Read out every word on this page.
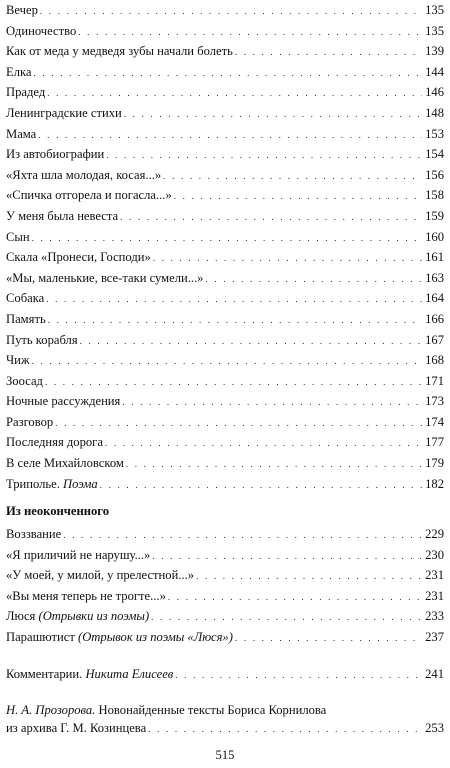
Вечер . . .	135
Одиночество . . .	135
Как от меда у медведя зубы начали болеть . . .	139
Елка . . .	144
Прадед . . .	146
Ленинградские стихи . . .	148
Мама . . .	153
Из автобиографии . . .	154
«Яхта шла молодая, косая...» . . .	156
«Спичка отгорела и погасла...» . . .	158
У меня была невеста . . .	159
Сын . . .	160
Скала «Пронеси, Господи» . . .	161
«Мы, маленькие, все-таки сумели...» . . .	163
Собака . . .	164
Память . . .	166
Путь корабля . . .	167
Чиж . . .	168
Зоосад . . .	171
Ночные рассуждения . . .	173
Разговор . . .	174
Последняя дорога . . .	177
В селе Михайловском . . .	179
Триполье. Поэма . . .	182
Из неоконченного
Воззвание . . .	229
«Я приличий не нарушу...» . . .	230
«У моей, у милой, у прелестной...» . . .	231
«Вы меня теперь не трогте...» . . .	231
Люся (Отрывки из поэмы) . . .	233
Парашютист (Отрывок из поэмы «Люся») . . .	237
Комментарии. Никита Елисеев . . .	241
Н. А. Прозорова. Новонайденные тексты Бориса Корнилова
из архива Г. М. Козинцева . . .	253
515
